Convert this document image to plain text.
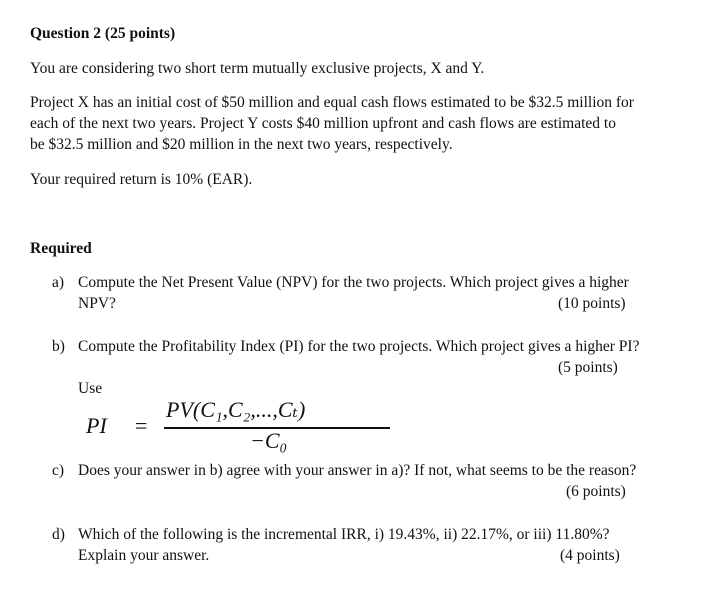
Question 2 (25 points)
You are considering two short term mutually exclusive projects, X and Y.
Project X has an initial cost of $50 million and equal cash flows estimated to be $32.5 million for
each of the next two years. Project Y costs $40 million upfront and cash flows are estimated to
be $32.5 million and $20 million in the next two years, respectively.
Your required return is 10% (EAR).
Required
a) Compute the Net Present Value (NPV) for the two projects. Which project gives a higher
NPV?	(10 points)
b) Compute the Profitability Index (PI) for the two projects. Which project gives a higher PI?
(5 points)
Use
PI =
PV(C₁,C₂,...,Cₜ)
−C₀
c) Does your answer in b) agree with your answer in a)? If not, what seems to be the reason?
(6 points)
d) Which of the following is the incremental IRR, i) 19.43%, ii) 22.17%, or iii) 11.80%?
Explain your answer.	(4 points)
